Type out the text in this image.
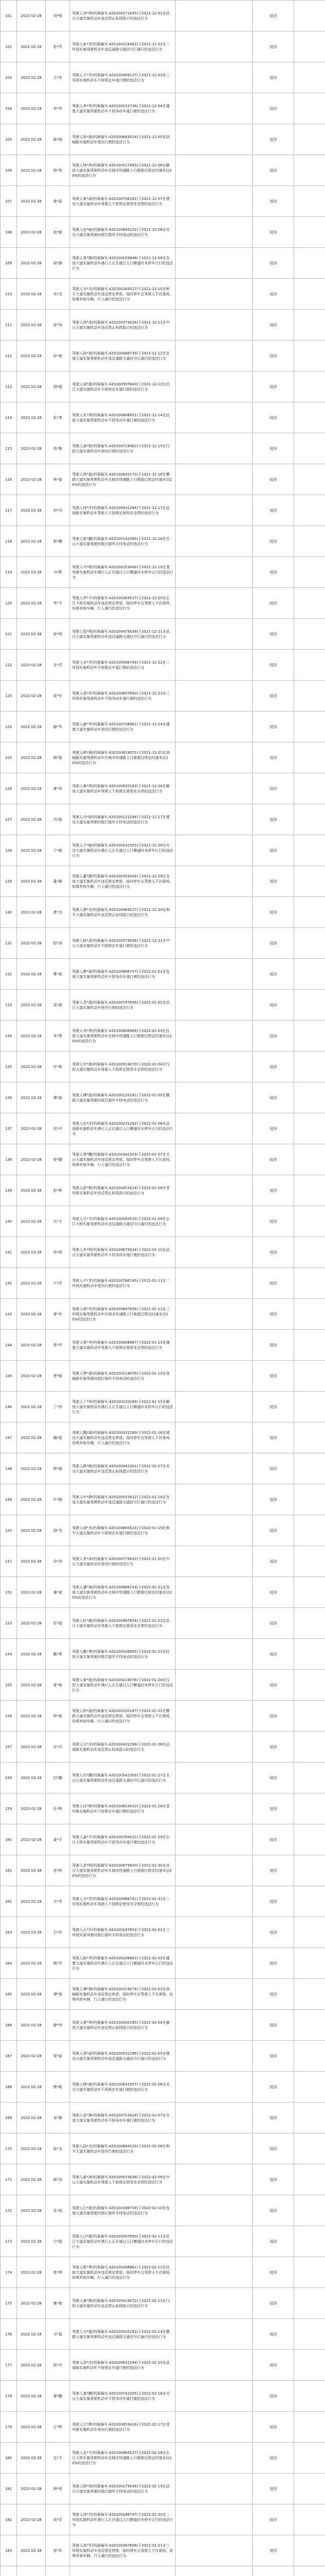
101	2022-02-28	刘*明	驾驶人刘*明(档案编号:420100271835)于2021-12-01在武汉大道实施机动车违反禁止标线指示的违法行为		驳回	
102	2022-02-28	张*芳	驾驶人张*芳(档案编号:420100318462)于2021-12-02在二环线实施驾驶机动车违反道路交通信号灯通行的违法行为		驳回	
103	2022-02-28	王*军	驾驶人王*军(档案编号:420100409127)于2021-12-03在三环线实施机动车不按规定车道行驶的违法行为		驳回	
104	2022-02-28	李*华	驾驶人李*华(档案编号:420100152736)于2021-12-04在雄楚大道实施驾驶机动车不按导向车道行驶的违法行为		驳回	
105	2022-02-28	陈*强	驾驶人陈*强(档案编号:420100683014)于2021-12-05在珞喻路实施机动车逆向行驶的违法行为		驳回	
106	2022-02-28	杨*伟	驾驶人杨*伟(档案编号:420100527493)于2021-12-06在解放大道实施驾驶机动车在城市快速路上行驶超过规定时速未达20%的违法行为		驳回	
107	2022-02-28	黄*丽	驾驶人黄*丽(档案编号:420100736281)于2021-12-07在建设大道实施机动车驾驶人不按规定使用安全带的违法行为		驳回	
108	2022-02-28	赵*敏	驾驶人赵*敏(档案编号:420100845102)于2021-12-08在光谷大道实施驾驶时拨打接听手持电话的违法行为		驳回	
109	2022-02-28	周*静	驾驶人周*静(档案编号:420100193846)于2021-12-09在友谊大道实施机动车遇行人正在通过人行横道时未停车让行的违法行为		驳回	
110	2022-02-28	吴*杰	驾驶人吴*杰(档案编号:420100264517)于2021-12-10在和平大道实施机动车违反规定停放、临时停车且驾驶人不在现场，妨碍其他车辆、行人通行的违法行为		驳回	
111	2022-02-28	徐*涛	驾驶人徐*涛(档案编号:420100375628)于2021-12-11在中山大道实施机动车违反禁止标线指示的违法行为		驳回	
112	2022-02-28	孙*斌	驾驶人孙*斌(档案编号:420100486739)于2021-12-12在发展大道实施驾驶机动车违反道路交通信号灯通行的违法行为		驳回	
113	2022-02-28	胡*超	驾驶人胡*超(档案编号:420100597840)于2021-12-13在沿江大道实施机动车不按规定车道行驶的违法行为		驳回	
114	2022-02-28	朱*勇	驾驶人朱*勇(档案编号:420100608951)于2021-12-14在民族大道实施驾驶机动车不按导向车道行驶的违法行为		驳回	
115	2022-02-28	高*艳	驾驶人高*艳(档案编号:420100719062)于2021-12-15在汉阳大道实施机动车逆向行驶的违法行为		驳回	
116	2022-02-28	林*磊	驾驶人林*磊(档案编号:420100820173)于2021-12-16在鹦鹉大道实施驾驶机动车在城市快速路上行驶超过规定时速未达20%的违法行为		驳回	
117	2022-02-28	何*洋	驾驶人何*洋(档案编号:420100931284)于2021-12-17在武珞路实施机动车驾驶人不按规定使用安全带的违法行为		驳回	
118	2022-02-28	郭*鹏	驾驶人郭*鹏(档案编号:420100142395)于2021-12-18在关山大道实施驾驶时拨打接听手持电话的违法行为		驳回	
119	2022-02-28	马*辉	驾驶人马*辉(档案编号:420100253406)于2021-12-19在青年路实施机动车遇行人正在通过人行横道时未停车让行的违法行为		驳回	
120	2022-02-28	罗*平	驾驶人罗*平(档案编号:420100364517)于2021-12-20在长江大桥实施机动车违反规定停放、临时停车且驾驶人不在现场，妨碍其他车辆、行人通行的违法行为		驳回	
121	2022-02-28	梁*明	驾驶人梁*明(档案编号:420100475638)于2021-12-21在武汉大道实施驾驶机动车违反道路交通信号灯通行的违法行为		驳回	
122	2022-02-28	宋*芳	驾驶人宋*芳(档案编号:420100586749)于2021-12-22在二环线实施机动车不按规定车道行驶的违法行为		驳回	
123	2022-02-28	郑*军	驾驶人郑*军(档案编号:420100697850)于2021-12-23在三环线实施驾驶机动车不按导向车道行驶的违法行为		驳回	
124	2022-02-28	谢*华	驾驶人谢*华(档案编号:420100708961)于2021-12-24在雄楚大道实施机动车逆向行驶的违法行为		驳回	
125	2022-02-28	韩*强	驾驶人韩*强(档案编号:420100819072)于2021-12-25在珞喻路实施驾驶机动车在城市快速路上行驶超过规定时速未达20%的违法行为		驳回	
126	2022-02-28	唐*伟	驾驶人唐*伟(档案编号:420100920183)于2021-12-26在解放大道实施机动车驾驶人不按规定使用安全带的违法行为		驳回	
127	2022-02-28	冯*丽	驾驶人冯*丽(档案编号:420100131294)于2021-12-27在建设大道实施驾驶时拨打接听手持电话的违法行为		驳回	
128	2022-02-28	于*敏	驾驶人于*敏(档案编号:420100242305)于2021-12-28在光谷大道实施机动车遇行人正在通过人行横道时未停车让行的违法行为		驳回	
129	2022-02-28	董*静	驾驶人董*静(档案编号:420100353416)于2021-12-29在友谊大道实施机动车违反规定停放、临时停车且驾驶人不在现场，妨碍其他车辆、行人通行的违法行为		驳回	
130	2022-02-28	萧*杰	驾驶人萧*杰(档案编号:420100464527)于2021-12-30在和平大道实施机动车违反禁止标线指示的违法行为		驳回	
131	2022-02-28	程*涛	驾驶人程*涛(档案编号:420100575636)于2021-12-31在中山大道实施机动车不按规定车道行驶的违法行为		驳回	
132	2022-02-28	曹*斌	驾驶人曹*斌(档案编号:420100686747)于2022-01-01在发展大道实施驾驶机动车不按导向车道行驶的违法行为		驳回	
133	2022-02-28	袁*超	驾驶人袁*超(档案编号:420100797858)于2022-01-02在沿江大道实施机动车逆向行驶的违法行为		驳回	
134	2022-02-28	邓*勇	驾驶人邓*勇(档案编号:420100808969)于2022-01-03在民族大道实施驾驶机动车在城市快速路上行驶超过规定时速未达20%的违法行为		驳回	
135	2022-02-28	许*艳	驾驶人许*艳(档案编号:420100919070)于2022-01-04在汉阳大道实施机动车驾驶人不按规定使用安全带的违法行为		驳回	
136	2022-02-28	傅*磊	驾驶人傅*磊(档案编号:420100120181)于2022-01-05在鹦鹉大道实施驾驶时拨打接听手持电话的违法行为		驳回	
137	2022-02-28	沈*洋	驾驶人沈*洋(档案编号:420100231292)于2022-01-06在武珞路实施机动车遇行人正在通过人行横道时未停车让行的违法行为		驳回	
138	2022-02-28	曾*鹏	驾驶人曾*鹏(档案编号:420100342303)于2022-01-07在关山大道实施机动车违反规定停放、临时停车且驾驶人不在现场，妨碍其他车辆、行人通行的违法行为		驳回	
139	2022-02-28	彭*辉	驾驶人彭*辉(档案编号:420100453414)于2022-01-08在青年路实施机动车违反禁止标线指示的违法行为		驳回	
140	2022-02-28	吕*平	驾驶人吕*平(档案编号:420100564525)于2022-01-09在长江大桥实施驾驶机动车违反道路交通信号灯通行的违法行为		驳回	
141	2022-02-28	苏*明	驾驶人苏*明(档案编号:420100675634)于2022-01-10在武汉大道实施驾驶机动车不按导向车道行驶的违法行为		驳回	
142	2022-02-28	卢*芳	驾驶人卢*芳(档案编号:420100786745)于2022-01-11在二环线实施机动车逆向行驶的违法行为		驳回	
143	2022-02-28	蒋*军	驾驶人蒋*军(档案编号:420100897856)于2022-01-12在三环线实施驾驶机动车在城市快速路上行驶超过规定时速未达20%的违法行为		驳回	
144	2022-02-28	蔡*华	驾驶人蔡*华(档案编号:420100908967)于2022-01-13在雄楚大道实施机动车驾驶人不按规定使用安全带的违法行为		驳回	
145	2022-02-28	贾*强	驾驶人贾*强(档案编号:420100119078)于2022-01-14在珞喻路实施驾驶时拨打接听手持电话的违法行为		驳回	
146	2022-02-28	丁*伟	驾驶人丁*伟(档案编号:420100220189)于2022-01-15在解放大道实施机动车遇行人正在通过人行横道时未停车让行的违法行为		驳回	
147	2022-02-28	魏*丽	驾驶人魏*丽(档案编号:420100331290)于2022-01-16在建设大道实施机动车违反规定停放、临时停车且驾驶人不在现场，妨碍其他车辆、行人通行的违法行为		驳回	
148	2022-02-28	薛*敏	驾驶人薛*敏(档案编号:420100442301)于2022-01-17在光谷大道实施机动车违反禁止标线指示的违法行为		驳回	
149	2022-02-28	叶*静	驾驶人叶*静(档案编号:420100553412)于2022-01-18在友谊大道实施驾驶机动车违反道路交通信号灯通行的违法行为		驳回	
150	2022-02-28	阎*杰	驾驶人阎*杰(档案编号:420100664523)于2022-01-19在和平大道实施机动车不按规定车道行驶的违法行为		驳回	
151	2022-02-28	余*涛	驾驶人余*涛(档案编号:420100775632)于2022-01-20在中山大道实施机动车逆向行驶的违法行为		驳回	
152	2022-02-28	潘*斌	驾驶人潘*斌(档案编号:420100886743)于2022-01-21在发展大道实施驾驶机动车在城市快速路上行驶超过规定时速未达20%的违法行为		驳回	
153	2022-02-28	杜*超	驾驶人杜*超(档案编号:420100997854)于2022-01-22在沿江大道实施机动车驾驶人不按规定使用安全带的违法行为		驳回	
154	2022-02-28	戴*勇	驾驶人戴*勇(档案编号:420100108965)于2022-01-23在民族大道实施驾驶时拨打接听手持电话的违法行为		驳回	
155	2022-02-28	夏*艳	驾驶人夏*艳(档案编号:420100219076)于2022-01-24在汉阳大道实施机动车遇行人正在通过人行横道时未停车让行的违法行为		驳回	
156	2022-02-28	钟*磊	驾驶人钟*磊(档案编号:420100320187)于2022-01-25在鹦鹉大道实施机动车违反规定停放、临时停车且驾驶人不在现场，妨碍其他车辆、行人通行的违法行为		驳回	
157	2022-02-28	汪*洋	驾驶人汪*洋(档案编号:420100431298)于2022-01-26在武珞路实施机动车违反禁止标线指示的违法行为		驳回	
158	2022-02-28	田*鹏	驾驶人田*鹏(档案编号:420100542309)于2022-01-27在关山大道实施驾驶机动车违反道路交通信号灯通行的违法行为		驳回	
159	2022-02-28	任*辉	驾驶人任*辉(档案编号:420100653410)于2022-01-28在青年路实施机动车不按规定车道行驶的违法行为		驳回	
160	2022-02-28	姜*平	驾驶人姜*平(档案编号:420100764521)于2022-01-29在长江大桥实施驾驶机动车不按导向车道行驶的违法行为		驳回	
161	2022-02-28	范*明	驾驶人范*明(档案编号:420100875630)于2022-01-30在武汉大道实施驾驶机动车在城市快速路上行驶超过规定时速未达20%的违法行为		驳回	
162	2022-02-28	方*芳	驾驶人方*芳(档案编号:420100986741)于2022-01-31在二环线实施机动车驾驶人不按规定使用安全带的违法行为		驳回	
163	2022-02-28	石*军	驾驶人石*军(档案编号:420100197852)于2022-02-01在三环线实施驾驶时拨打接听手持电话的违法行为		驳回	
164	2022-02-28	姚*华	驾驶人姚*华(档案编号:420100208963)于2022-02-02在雄楚大道实施机动车遇行人正在通过人行横道时未停车让行的违法行为		驳回	
165	2022-02-28	谭*强	驾驶人谭*强(档案编号:420100319074)于2022-02-03在珞喻路实施机动车违反规定停放、临时停车且驾驶人不在现场，妨碍其他车辆、行人通行的违法行为		驳回	
166	2022-02-28	廖*伟	驾驶人廖*伟(档案编号:420100420185)于2022-02-04在解放大道实施机动车违反禁止标线指示的违法行为		驳回	
167	2022-02-28	邹*丽	驾驶人邹*丽(档案编号:420100531296)于2022-02-05在建设大道实施驾驶机动车违反道路交通信号灯通行的违法行为		驳回	
168	2022-02-28	熊*敏	驾驶人熊*敏(档案编号:420100642307)于2022-02-06在光谷大道实施机动车不按规定车道行驶的违法行为		驳回	
169	2022-02-28	金*静	驾驶人金*静(档案编号:420100753418)于2022-02-07在友谊大道实施驾驶机动车不按导向车道行驶的违法行为		驳回	
170	2022-02-28	陆*杰	驾驶人陆*杰(档案编号:420100864529)于2022-02-08在和平大道实施机动车逆向行驶的违法行为		驳回	
171	2022-02-28	郝*涛	驾驶人郝*涛(档案编号:420100975638)于2022-02-09在中山大道实施机动车驾驶人不按规定使用安全带的违法行为		驳回	
172	2022-02-28	孔*斌	驾驶人孔*斌(档案编号:420100186749)于2022-02-10在发展大道实施驾驶时拨打接听手持电话的违法行为		驳回	
173	2022-02-28	白*超	驾驶人白*超(档案编号:420100297850)于2022-02-11在沿江大道实施机动车遇行人正在通过人行横道时未停车让行的违法行为		驳回	
174	2022-02-28	崔*勇	驾驶人崔*勇(档案编号:420100308961)于2022-02-12在民族大道实施机动车违反规定停放、临时停车且驾驶人不在现场，妨碍其他车辆、行人通行的违法行为		驳回	
175	2022-02-28	康*艳	驾驶人康*艳(档案编号:420100419072)于2022-02-13在汉阳大道实施机动车违反禁止标线指示的违法行为		驳回	
176	2022-02-28	毛*磊	驾驶人毛*磊(档案编号:420100520183)于2022-02-14在鹦鹉大道实施驾驶机动车违反道路交通信号灯通行的违法行为		驳回	
177	2022-02-28	邱*洋	驾驶人邱*洋(档案编号:420100631294)于2022-02-15在武珞路实施机动车不按规定车道行驶的违法行为		驳回	
178	2022-02-28	秦*鹏	驾驶人秦*鹏(档案编号:420100742305)于2022-02-16在关山大道实施驾驶机动车不按导向车道行驶的违法行为		驳回	
179	2022-02-28	江*辉	驾驶人江*辉(档案编号:420100853416)于2022-02-17在青年路实施机动车逆向行驶的违法行为		驳回	
180	2022-02-28	史*平	驾驶人史*平(档案编号:420100964527)于2022-02-18在长江大桥实施驾驶机动车在城市快速路上行驶超过规定时速未达20%的违法行为		驳回	
181	2022-02-28	顾*明	驾驶人顾*明(档案编号:420100175636)于2022-02-19在武汉大道实施驾驶时拨打接听手持电话的违法行为		驳回	
182	2022-02-28	侯*芳	驾驶人侯*芳(档案编号:420100286747)于2022-02-20在二环线实施机动车遇行人正在通过人行横道时未停车让行的违法行为		驳回	
183	2022-02-28	邵*军	驾驶人邵*军(档案编号:420100397858)于2022-02-21在三环线实施机动车违反规定停放、临时停车且驾驶人不在现场，妨碍其他车辆、行人通行的违法行为		驳回	
